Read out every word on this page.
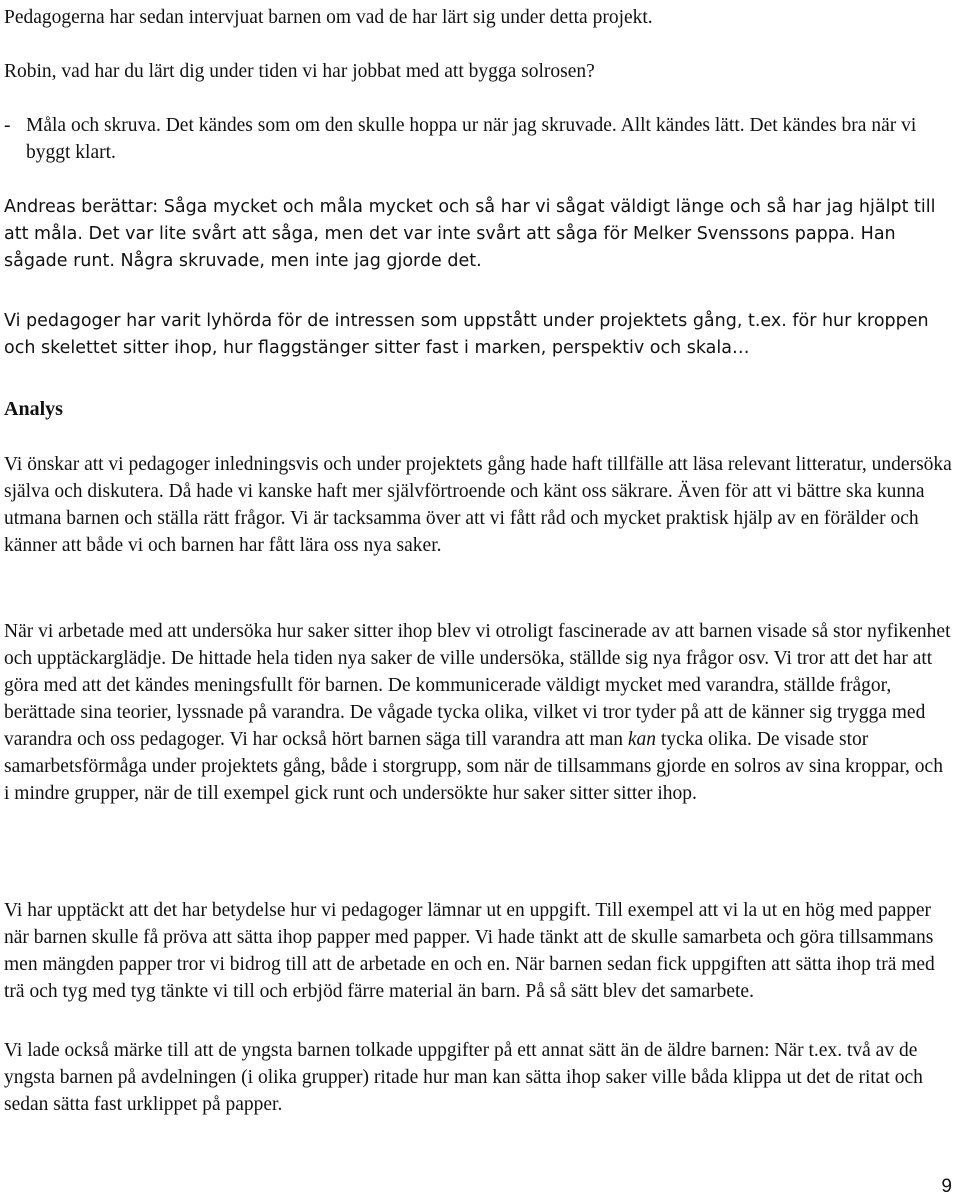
Pedagogerna har sedan intervjuat barnen om vad de har lärt sig under detta projekt.

Robin, vad har du lärt dig under tiden vi har jobbat med att bygga solrosen?

- Måla och skruva. Det kändes som om den skulle hoppa ur när jag skruvade. Allt kändes lätt. Det kändes bra när vi byggt klart.

Andreas berättar: Såga mycket och måla mycket och så har vi sågat väldigt länge och så har jag hjälpt till att måla. Det var lite svårt att såga, men det var inte svårt att såga för Melker Svenssons pappa. Han sågade runt. Några skruvade, men inte jag gjorde det.

Vi pedagoger har varit lyhörda för de intressen som uppstått under projektets gång, t.ex. för hur kroppen och skelettet sitter ihop, hur flaggstänger sitter fast i marken, perspektiv och skala…

Analys

Vi önskar att vi pedagoger inledningsvis och under projektets gång hade haft tillfälle att läsa relevant litteratur, undersöka själva och diskutera. Då hade vi kanske haft mer självförtroende och känt oss säkrare. Även för att vi bättre ska kunna utmana barnen och ställa rätt frågor. Vi är tacksamma över att vi fått råd och mycket praktisk hjälp av en förälder och känner att både vi och barnen har fått lära oss nya saker.

När vi arbetade med att undersöka hur saker sitter ihop blev vi otroligt fascinerade av att barnen visade så stor nyfikenhet och upptäckarglädje. De hittade hela tiden nya saker de ville undersöka, ställde sig nya frågor osv. Vi tror att det har att göra med att det kändes meningsfullt för barnen. De kommunicerade väldigt mycket med varandra, ställde frågor, berättade sina teorier, lyssnade på varandra. De vågade tycka olika, vilket vi tror tyder på att de känner sig trygga med varandra och oss pedagoger. Vi har också hört barnen säga till varandra att man kan tycka olika. De visade stor samarbetsförmåga under projektets gång, både i storgrupp, som när de tillsammans gjorde en solros av sina kroppar, och i mindre grupper, när de till exempel gick runt och undersökte hur saker sitter sitter ihop.

Vi har upptäckt att det har betydelse hur vi pedagoger lämnar ut en uppgift. Till exempel att vi la ut en hög med papper när barnen skulle få pröva att sätta ihop papper med papper. Vi hade tänkt att de skulle samarbeta och göra tillsammans men mängden papper tror vi bidrog till att de arbetade en och en. När barnen sedan fick uppgiften att sätta ihop trä med trä och tyg med tyg tänkte vi till och erbjöd färre material än barn. På så sätt blev det samarbete.

Vi lade också märke till att de yngsta barnen tolkade uppgifter på ett annat sätt än de äldre barnen: När t.ex. två av de yngsta barnen på avdelningen (i olika grupper) ritade hur man kan sätta ihop saker ville båda klippa ut det de ritat och sedan sätta fast urklippet på papper.

9
